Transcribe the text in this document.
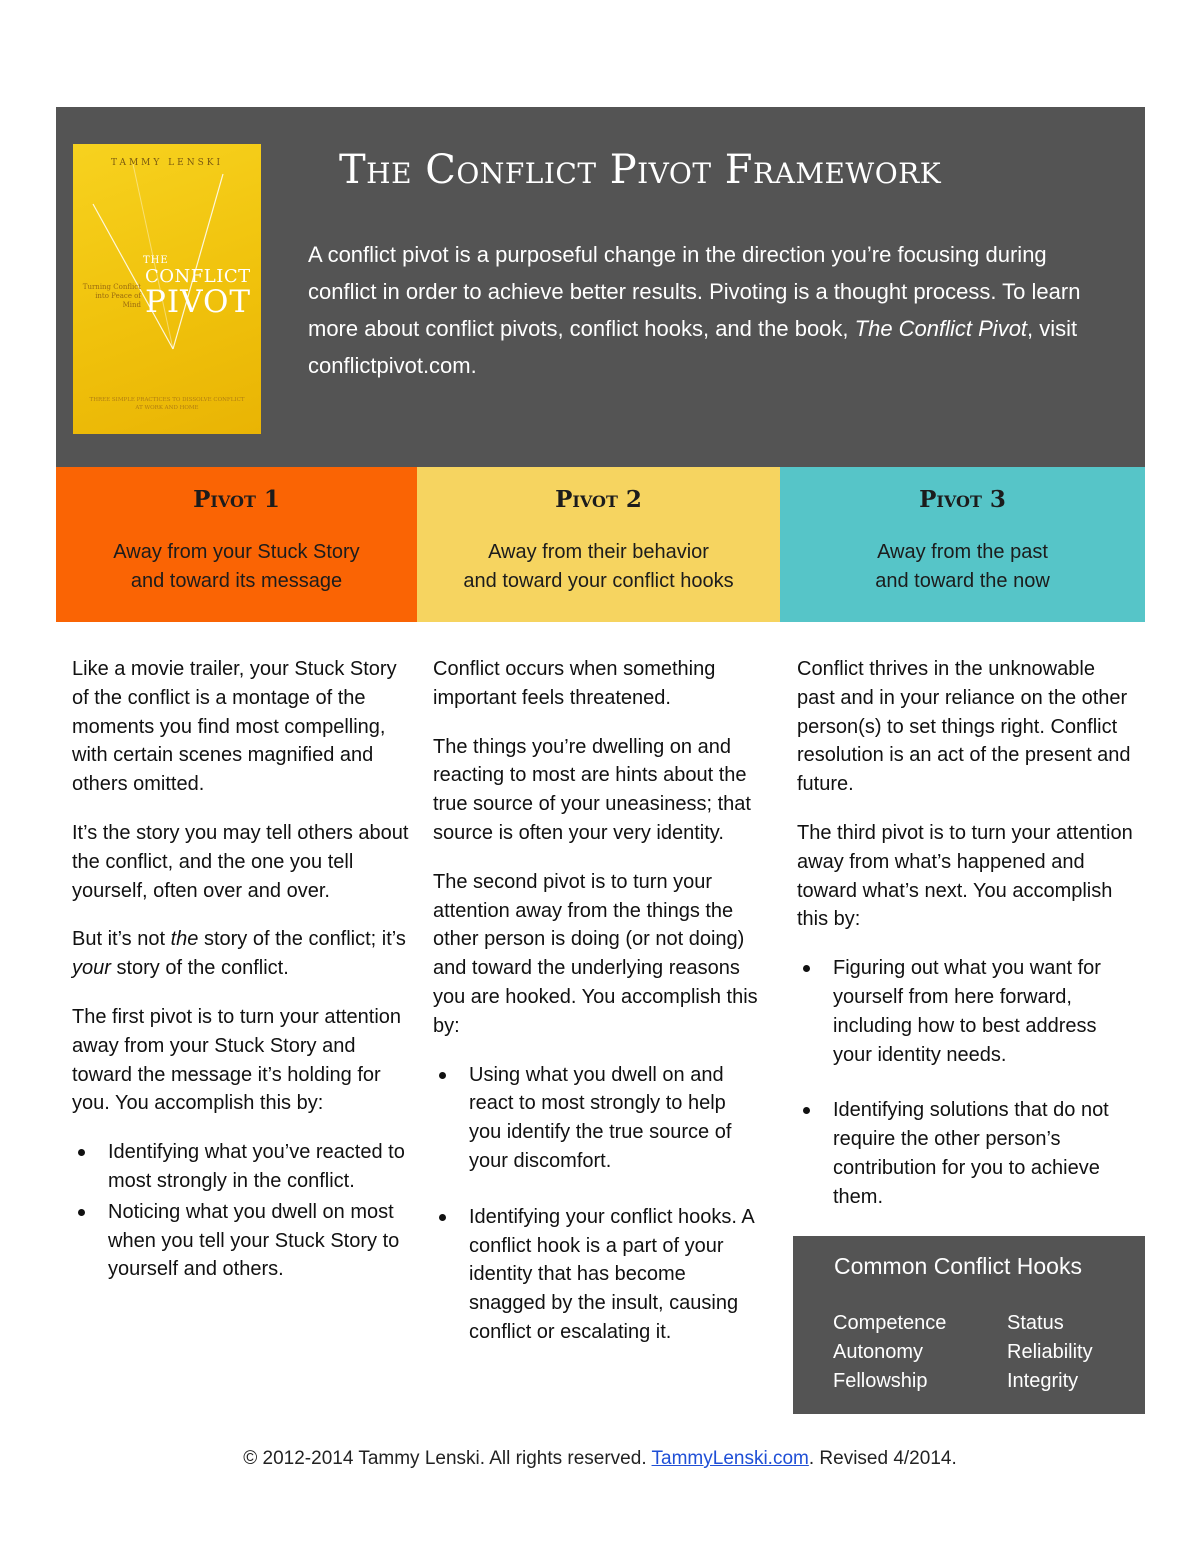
TAMMY LENSKI
THE
CONFLICT
PIVOT
Turning Conflict into Peace of Mind
THREE SIMPLE PRACTICES TO DISSOLVE CONFLICT AT WORK AND HOME
The Conflict Pivot Framework
A conflict pivot is a purposeful change in the direction you’re focusing during conflict in order to achieve better results. Pivoting is a thought process. To learn more about conflict pivots, conflict hooks, and the book, The Conflict Pivot, visit conflictpivot.com.
Pivot 1
Away from your Stuck Story
and toward its message
Pivot 2
Away from their behavior
and toward your conflict hooks
Pivot 3
Away from the past
and toward the now

Like a movie trailer, your Stuck Story of the conflict is a montage of the moments you find most compelling, with certain scenes magnified and others omitted.

It’s the story you may tell others about the conflict, and the one you tell yourself, often over and over.

But it’s not the story of the conflict; it’s your story of the conflict.

The first pivot is to turn your attention away from your Stuck Story and toward the message it’s holding for you. You accomplish this by:

Identifying what you’ve reacted to most strongly in the conflict.
Noticing what you dwell on most when you tell your Stuck Story to yourself and others.

Conflict occurs when something important feels threatened.

The things you’re dwelling on and reacting to most are hints about the true source of your uneasiness; that source is often your very identity.

The second pivot is to turn your attention away from the things the other person is doing (or not doing) and toward the underlying reasons you are hooked. You accomplish this by:

Using what you dwell on and react to most strongly to help you identify the true source of your discomfort.
Identifying your conflict hooks. A conflict hook is a part of your identity that has become snagged by the insult, causing conflict or escalating it.

Conflict thrives in the unknowable past and in your reliance on the other person(s) to set things right. Conflict resolution is an act of the present and future.

The third pivot is to turn your attention away from what’s happened and toward what’s next. You accomplish this by:

Figuring out what you want for yourself from here forward, including how to best address your identity needs.
Identifying solutions that do not require the other person’s contribution for you to achieve them.
Common Conflict Hooks
Competence	Status
Autonomy	Reliability
Fellowship	Integrity
© 2012-2014 Tammy Lenski. All rights reserved. TammyLenski.com. Revised 4/2014.
